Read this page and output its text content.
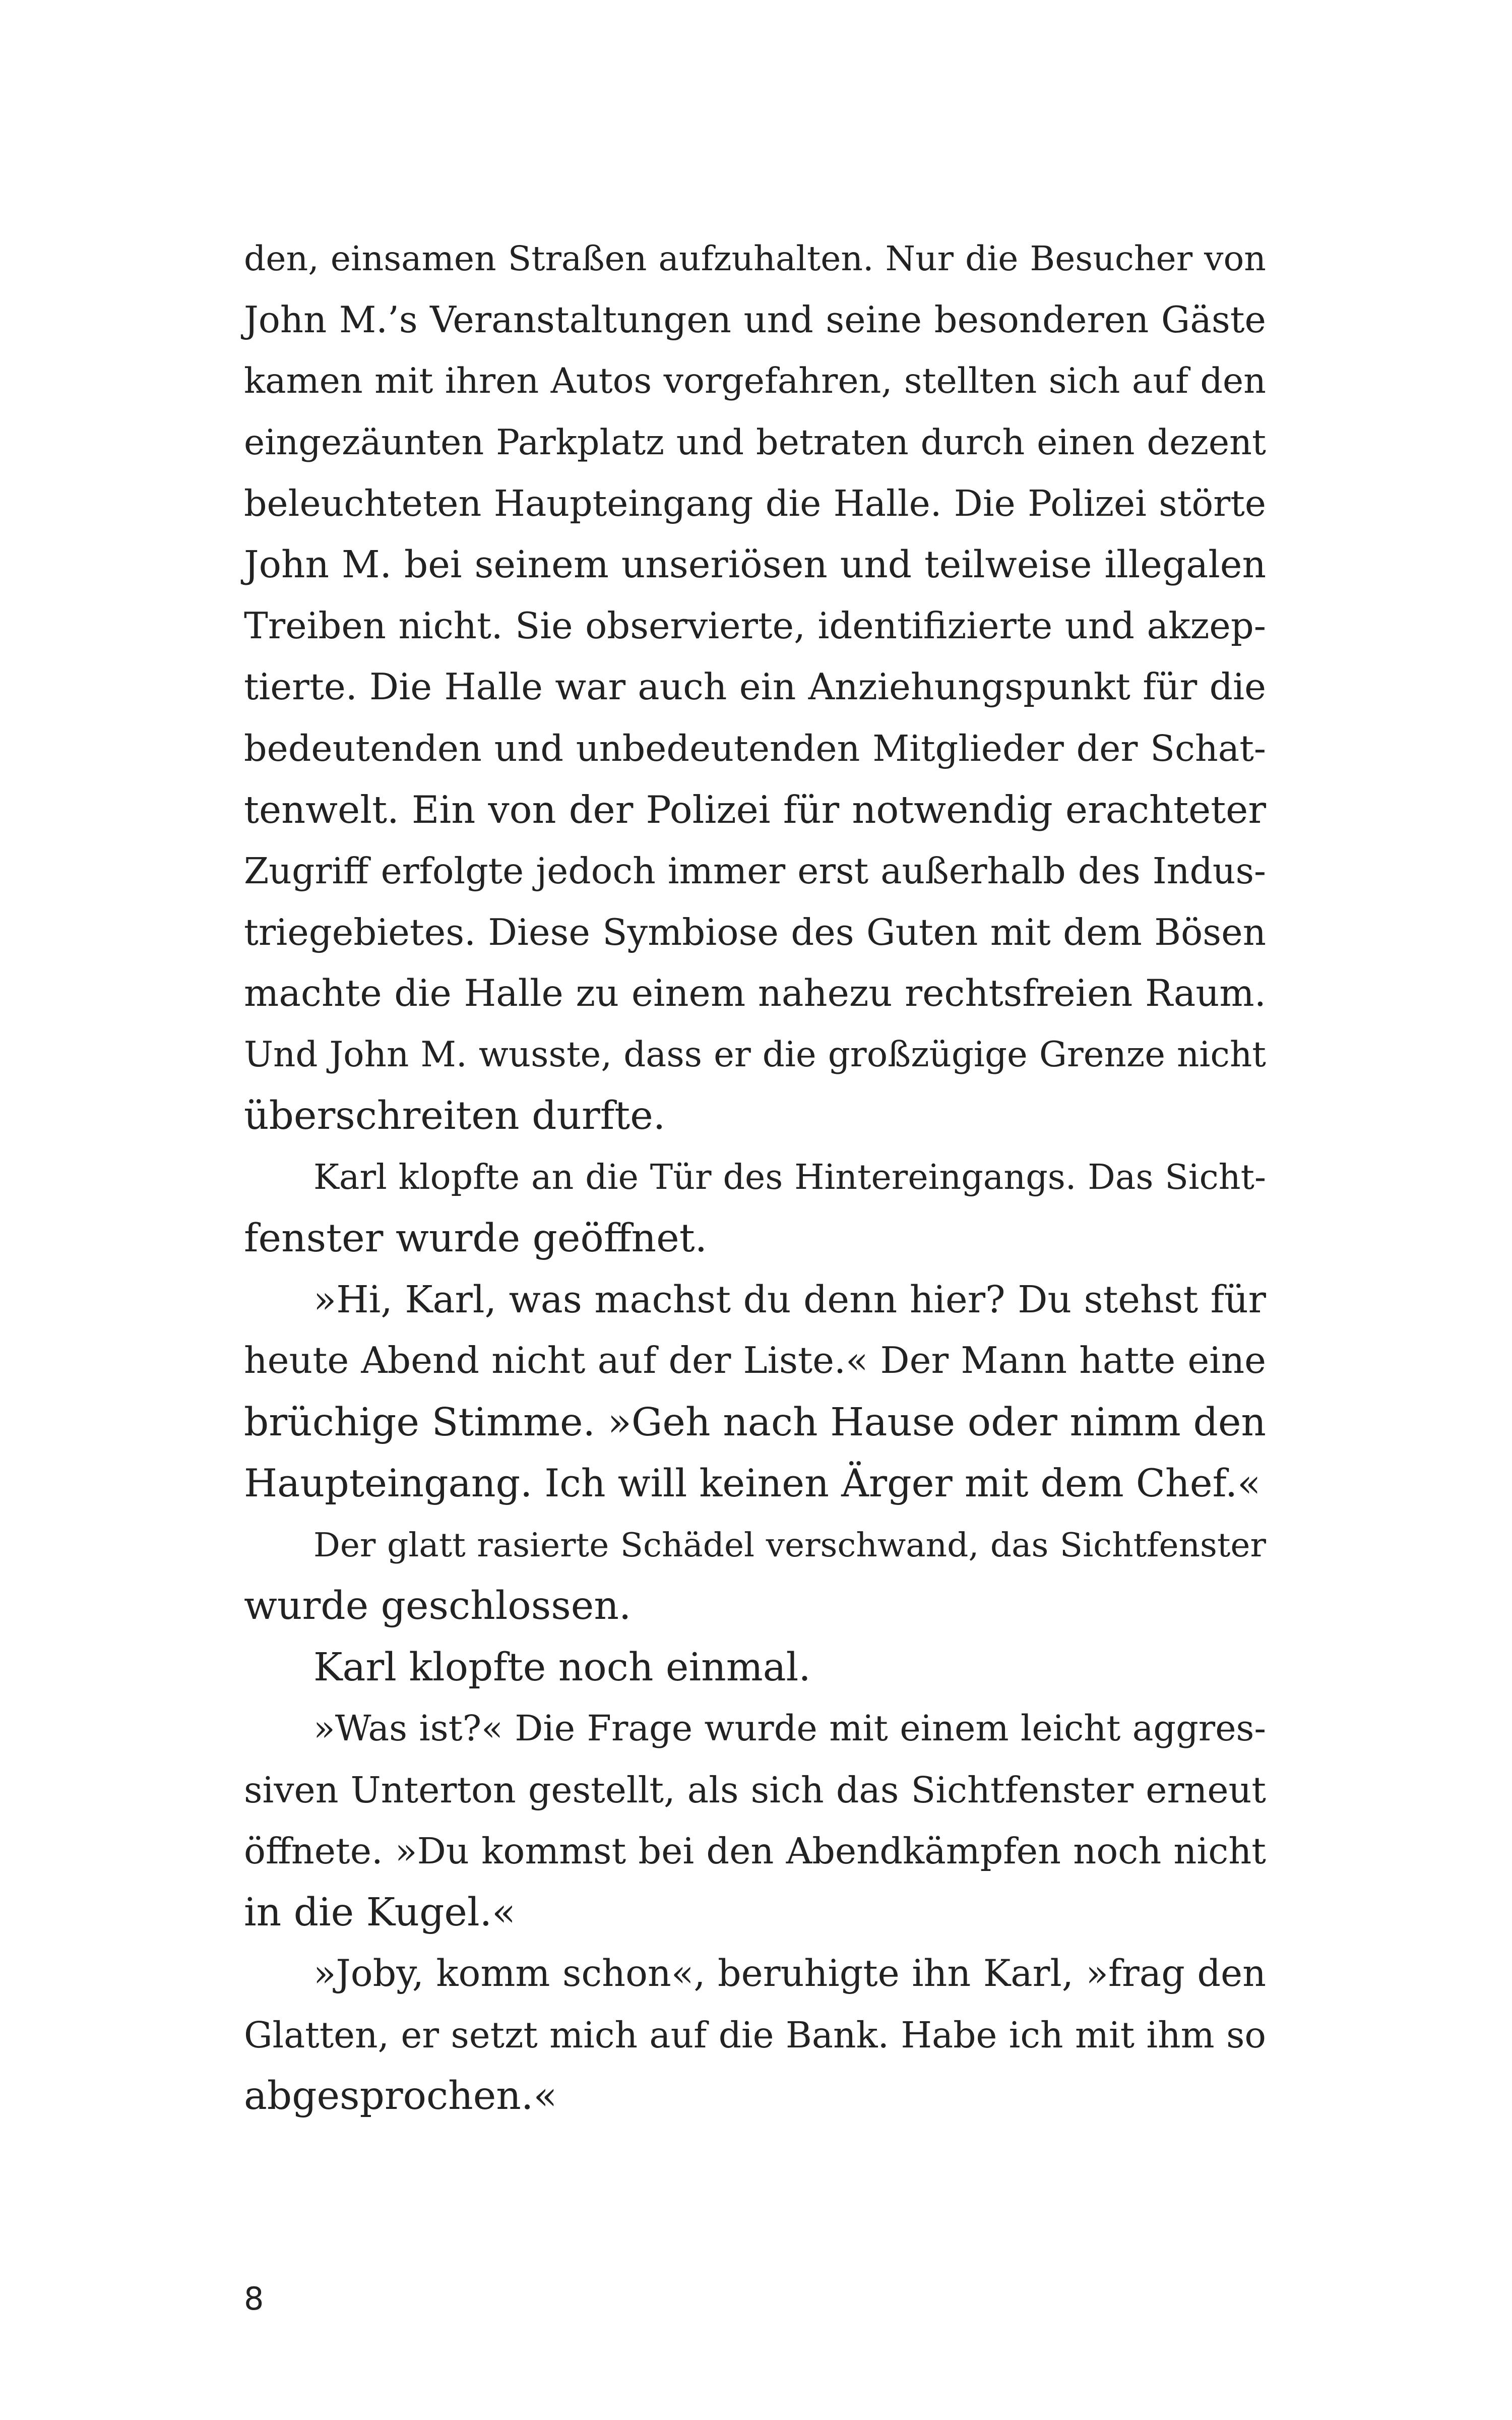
den, einsamen Straßen aufzuhalten. Nur die Besucher von
John M.’s Veranstaltungen und seine besonderen Gäste
kamen mit ihren Autos vorgefahren, stellten sich auf den
eingezäunten Parkplatz und betraten durch einen dezent
beleuchteten Haupteingang die Halle. Die Polizei störte
John M. bei seinem unseriösen und teilweise illegalen
Treiben nicht. Sie observierte, identifizierte und akzep-
tierte. Die Halle war auch ein Anziehungspunkt für die
bedeutenden und unbedeutenden Mitglieder der Schat-
tenwelt. Ein von der Polizei für notwendig erachteter
Zugriff erfolgte jedoch immer erst außerhalb des Indus-
triegebietes. Diese Symbiose des Guten mit dem Bösen
machte die Halle zu einem nahezu rechtsfreien Raum.
Und John M. wusste, dass er die großzügige Grenze nicht
überschreiten durfte.
Karl klopfte an die Tür des Hintereingangs. Das Sicht-
fenster wurde geöffnet.
»Hi, Karl, was machst du denn hier? Du stehst für
heute Abend nicht auf der Liste.« Der Mann hatte eine
brüchige Stimme. »Geh nach Hause oder nimm den
Haupteingang. Ich will keinen Ärger mit dem Chef.«
Der glatt rasierte Schädel verschwand, das Sichtfenster
wurde geschlossen.
Karl klopfte noch einmal.
»Was ist?« Die Frage wurde mit einem leicht aggres-
siven Unterton gestellt, als sich das Sichtfenster erneut
öffnete. »Du kommst bei den Abendkämpfen noch nicht
in die Kugel.«
»Joby, komm schon«, beruhigte ihn Karl, »frag den
Glatten, er setzt mich auf die Bank. Habe ich mit ihm so
abgesprochen.«
8
